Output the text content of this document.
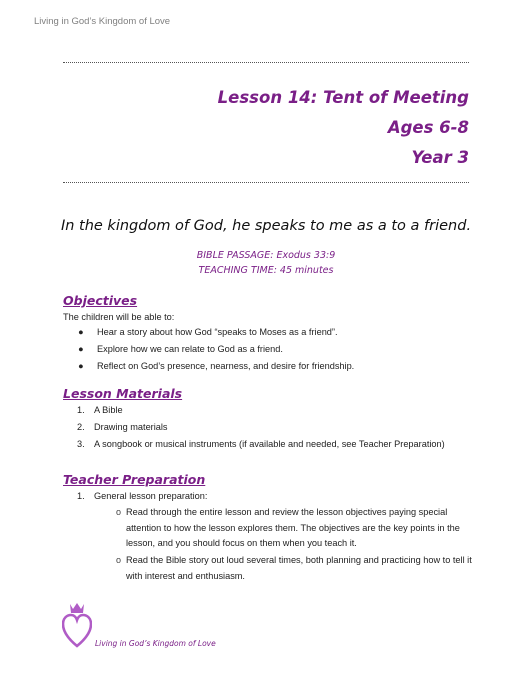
Living in God’s Kingdom of Love
Lesson 14: Tent of Meeting
Ages 6-8
Year 3
In the kingdom of God, he speaks to me as a to a friend.
BIBLE PASSAGE: Exodus 33:9
TEACHING TIME: 45 minutes
Objectives
The children will be able to:
● Hear a story about how God “speaks to Moses as a friend”.
● Explore how we can relate to God as a friend.
● Reflect on God’s presence, nearness, and desire for friendship.
Lesson Materials
1. A Bible
2. Drawing materials
3. A songbook or musical instruments (if available and needed, see Teacher Preparation)
Teacher Preparation
1. General lesson preparation:
o Read through the entire lesson and review the lesson objectives paying special attention to how the lesson explores them. The objectives are the key points in the lesson, and you should focus on them when you teach it.
o Read the Bible story out loud several times, both planning and practicing how to tell it with interest and enthusiasm.
Living in God’s Kingdom of Love
